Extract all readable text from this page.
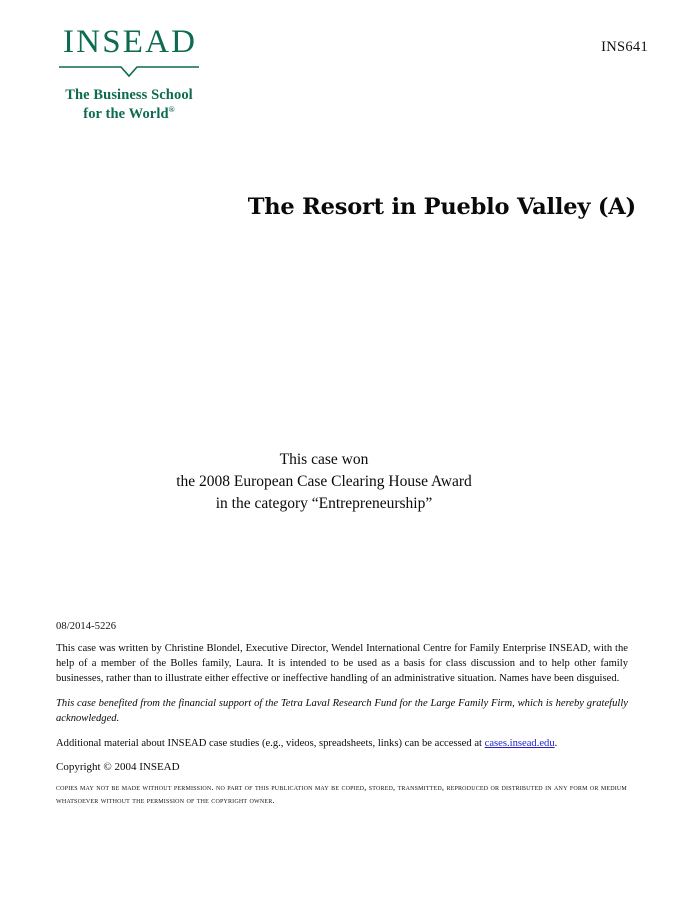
INSEAD
The Business School
for the World®
INS641
The Resort in Pueblo Valley (A)
This case won
the 2008 European Case Clearing House Award
in the category “Entrepreneurship”
08/2014-5226

This case was written by Christine Blondel, Executive Director, Wendel International Centre for Family Enterprise INSEAD, with the help of a member of the Bolles family, Laura. It is intended to be used as a basis for class discussion and to help other family businesses, rather than to illustrate either effective or ineffective handling of an administrative situation. Names have been disguised.

This case benefited from the financial support of the Tetra Laval Research Fund for the Large Family Firm, which is hereby gratefully acknowledged.

Additional material about INSEAD case studies (e.g., videos, spreadsheets, links) can be accessed at cases.insead.edu.

Copyright © 2004 INSEAD

copies may not be made without permission. no part of this publication may be copied, stored, transmitted, reproduced or distributed in any form or medium whatsoever without the permission of the copyright owner.
